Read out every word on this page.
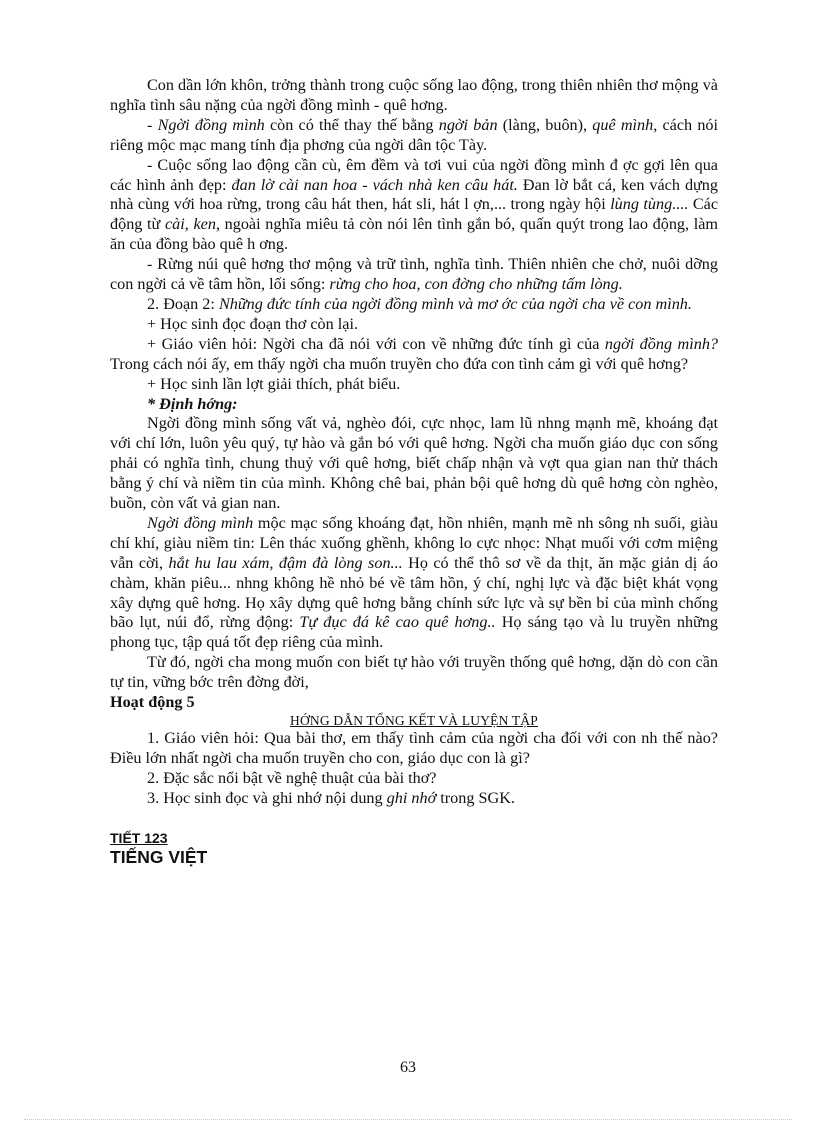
Con dần lớn khôn, trởng thành trong cuộc sống lao động, trong thiên nhiên thơ mộng và nghĩa tình sâu nặng của ngời đồng mình - quê hơng.

- Ngời đồng mình còn có thể thay thế bằng ngời bản (làng, buôn), quê mình, cách nói riêng mộc mạc mang tính địa phơng của ngời dân tộc Tày.

- Cuộc sống lao động cần cù, êm đềm và tơi vui của ngời đồng mình đ ợc gợi lên qua các hình ảnh đẹp: đan lờ cài nan hoa - vách nhà ken câu hát. Đan lờ bắt cá, ken vách dựng nhà cùng với hoa rừng, trong câu hát then, hát sli, hát l ợn,... trong ngày hội lùng tùng.... Các động từ cài, ken, ngoài nghĩa miêu tả còn nói lên tình gắn bó, quấn quýt trong lao động, làm ăn của đồng bào quê h ơng.

- Rừng núi quê hơng thơ mộng và trữ tình, nghĩa tình. Thiên nhiên che chở, nuôi dỡng con ngời cả về tâm hồn, lối sống: rừng cho hoa, con đờng cho những tấm lòng.

2. Đoạn 2: Những đức tính của ngời đồng mình và mơ ớc của ngời cha về con mình.

+ Học sinh đọc đoạn thơ còn lại.

+ Giáo viên hỏi: Ngời cha đã nói với con về những đức tính gì của ngời đồng mình? Trong cách nói ấy, em thấy ngời cha muốn truyền cho đứa con tình cảm gì với quê hơng?

+ Học sinh lần lợt giải thích, phát biểu.

* Định hớng:

Ngời đồng mình sống vất vả, nghèo đói, cực nhọc, lam lũ nhng mạnh mẽ, khoáng đạt với chí lớn, luôn yêu quý, tự hào và gắn bó với quê hơng. Ngời cha muốn giáo dục con sống phải có nghĩa tình, chung thuỷ với quê hơng, biết chấp nhận và vợt qua gian nan thử thách bằng ý chí và niềm tin của mình. Không chê bai, phản bội quê hơng dù quê hơng còn nghèo, buồn, còn vất vả gian nan.

Ngời đồng mình mộc mạc sống khoáng đạt, hồn nhiên, mạnh mẽ nh sông nh suối, giàu chí khí, giàu niềm tin: Lên thác xuống ghềnh, không lo cực nhọc: Nhạt muối với cơm miệng vẫn cời, hắt hu lau xám, đậm đà lòng son... Họ có thể thô sơ về da thịt, ăn mặc giản dị áo chàm, khăn piêu... nhng không hề nhỏ bé về tâm hồn, ý chí, nghị lực và đặc biệt khát vọng xây dựng quê hơng. Họ xây dựng quê hơng bằng chính sức lực và sự bền bỉ của mình chống bão lụt, núi đổ, rừng động: Tự đục đá kê cao quê hơng.. Họ sáng tạo và lu truyền những phong tục, tập quá tốt đẹp riêng của mình.

Từ đó, ngời cha mong muốn con biết tự hào với truyền thống quê hơng, dặn dò con cần tự tin, vững bớc trên đờng đời,

Hoạt động 5

HỚNG DẪN TỔNG KẾT VÀ LUYỆN TẬP

1. Giáo viên hỏi: Qua bài thơ, em thấy tình cảm của ngời cha đối với con nh thế nào? Điều lớn nhất ngời cha muốn truyền cho con, giáo dục con là gì?

2. Đặc sắc nổi bật về nghệ thuật của bài thơ?

3. Học sinh đọc và ghi nhớ nội dung ghi nhớ trong SGK.

TIẾT 123

TIẾNG VIỆT

63
